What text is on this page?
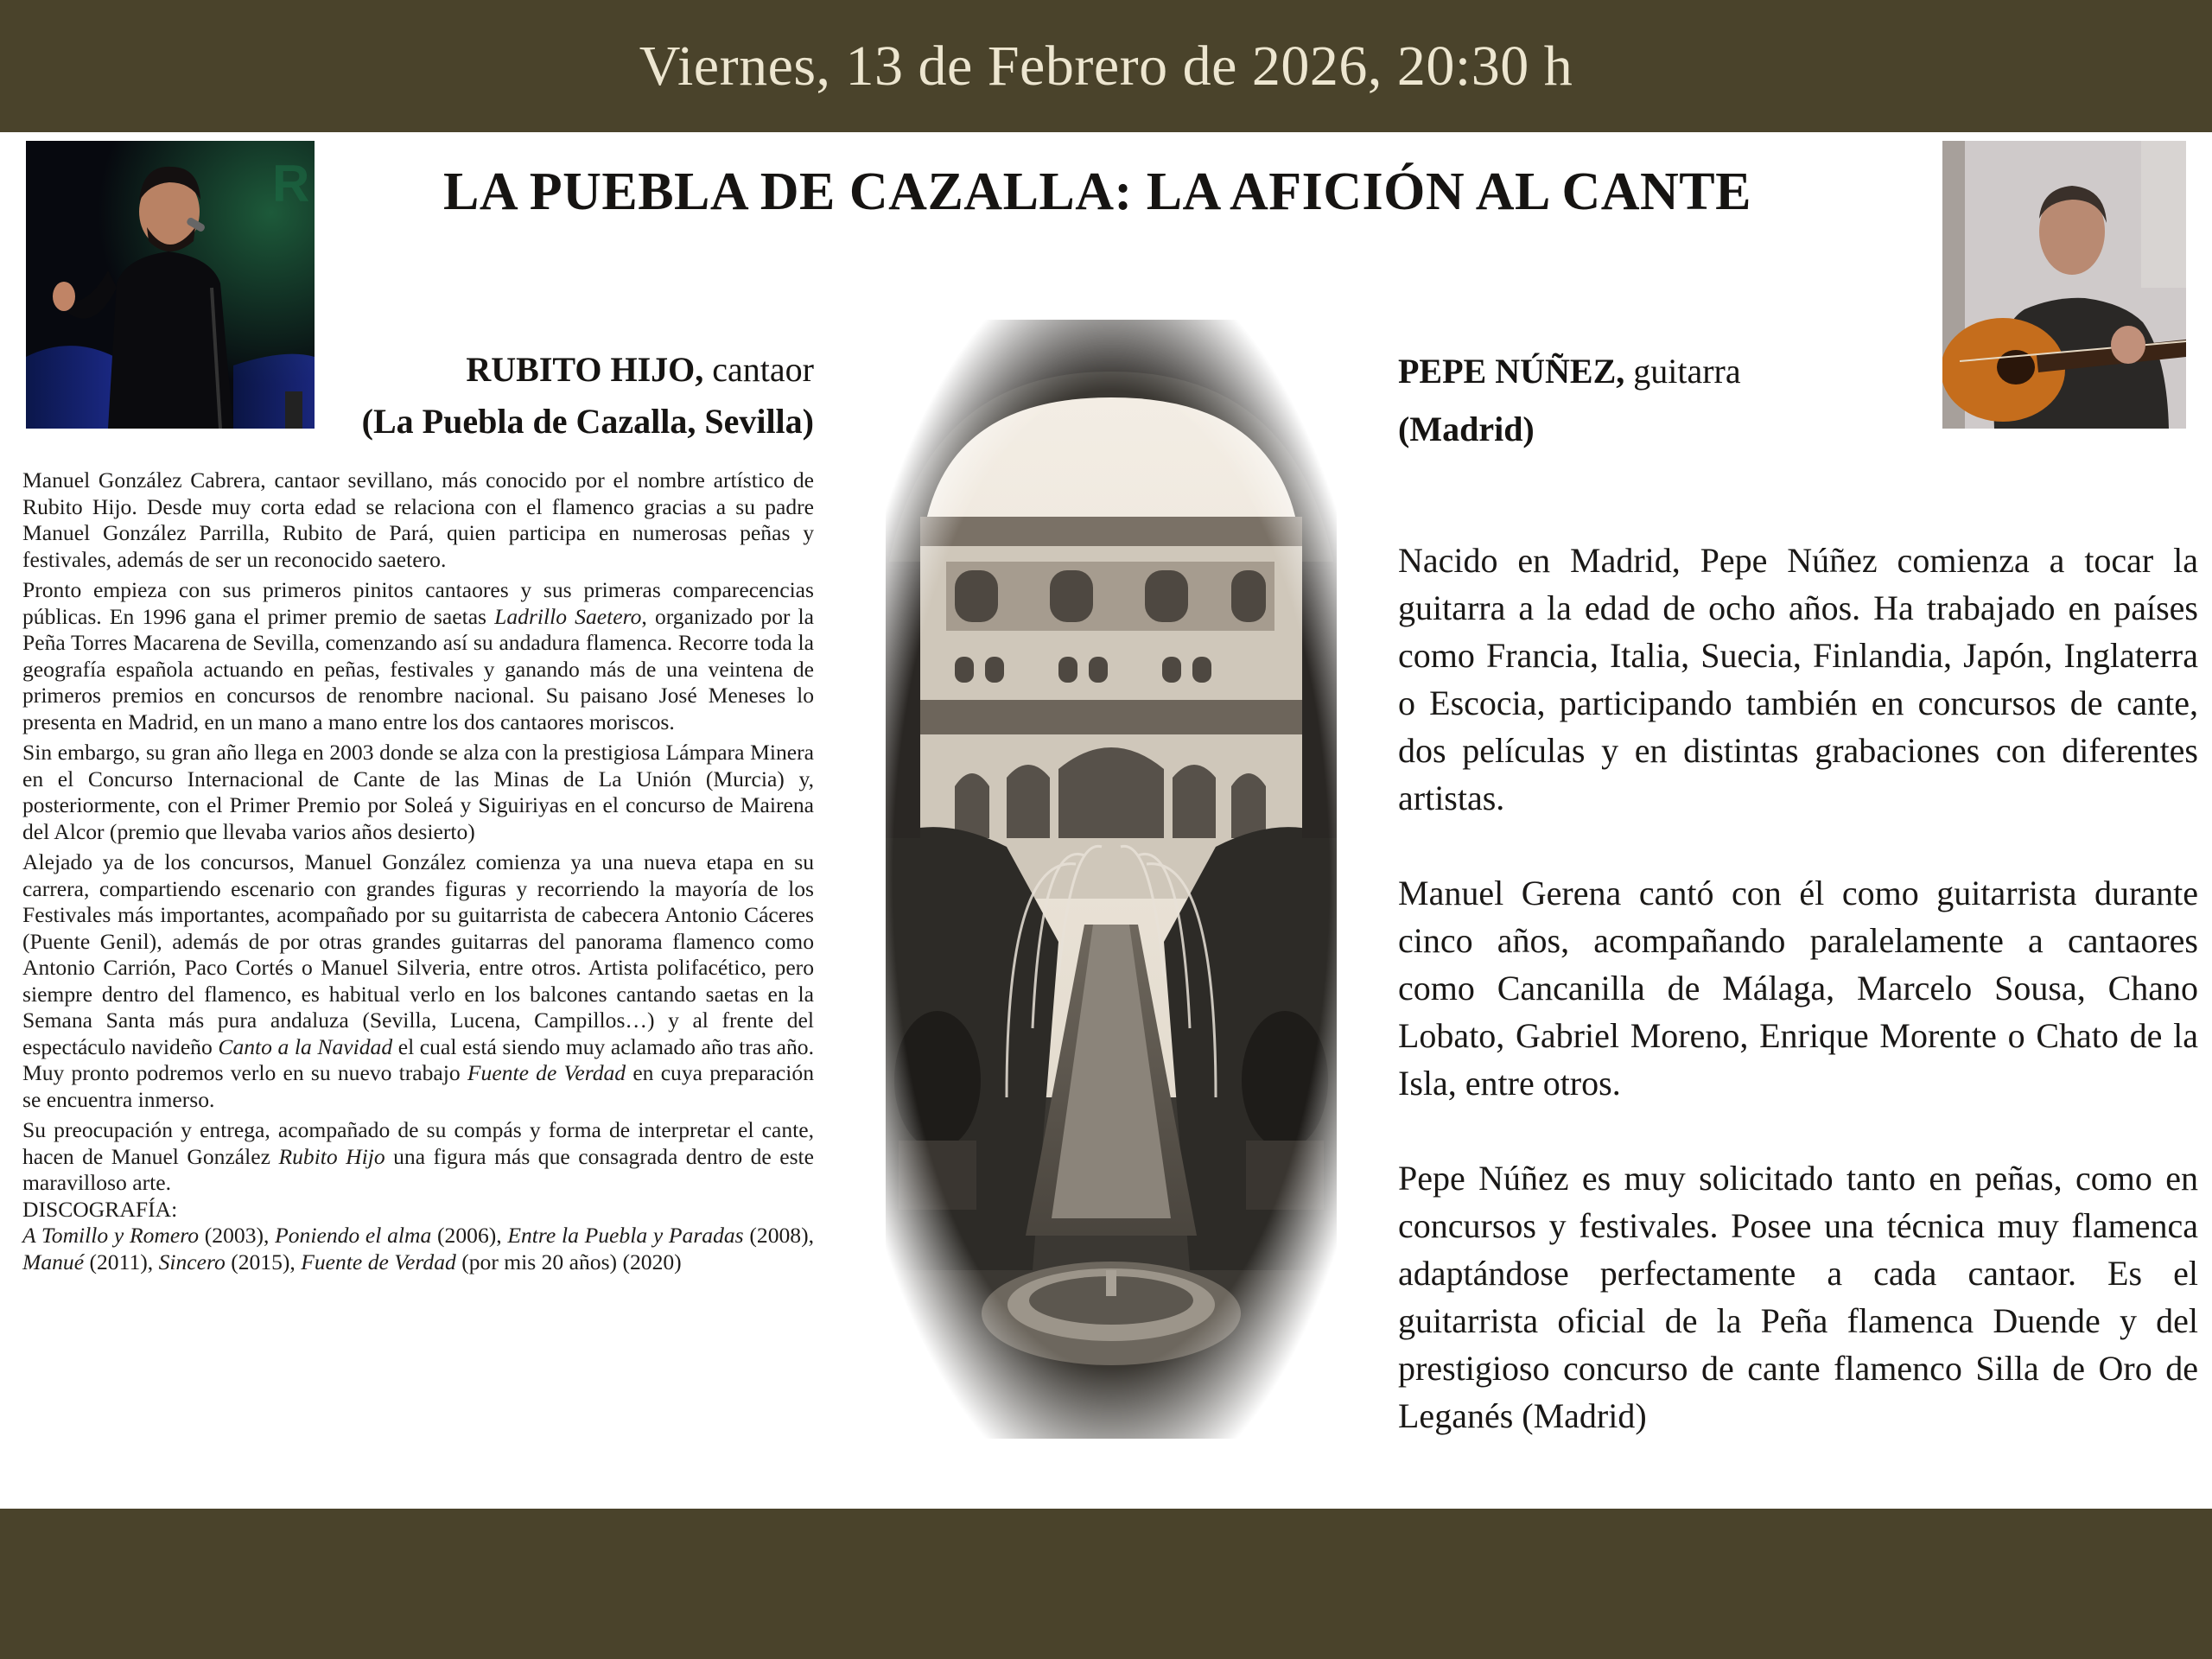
Viernes, 13 de Febrero de 2026, 20:30 h
LA PUEBLA DE CAZALLA: LA AFICIÓN AL CANTE
R
RUBITO HIJO, cantaor
(La Puebla de Cazalla, Sevilla)
PEPE NÚÑEZ, guitarra
(Madrid)

Manuel González Cabrera, cantaor sevillano, más conocido por el nombre artístico de Rubito Hijo. Desde muy corta edad se relaciona con el flamenco gracias a su padre Manuel González Parrilla, Rubito de Pará, quien participa en numerosas peñas y festivales, además de ser un reconocido saetero.

Pronto empieza con sus primeros pinitos cantaores y sus primeras comparecencias públicas. En 1996 gana el primer premio de saetas Ladrillo Saetero, organizado por la Peña Torres Macarena de Sevilla, comenzando así su andadura flamenca. Recorre toda la geografía española actuando en peñas, festivales y ganando más de una veintena de primeros premios en concursos de renombre nacional. Su paisano José Meneses lo presenta en Madrid, en un mano a mano entre los dos cantaores moriscos.

Sin embargo, su gran año llega en 2003 donde se alza con la prestigiosa Lámpara Minera en el Concurso Internacional de Cante de las Minas de La Unión (Murcia) y, posteriormente, con el Primer Premio por Soleá y Siguiriyas en el concurso de Mairena del Alcor (premio que llevaba varios años desierto)

Alejado ya de los concursos, Manuel González comienza ya una nueva etapa en su carrera, compartiendo escenario con grandes figuras y recorriendo la mayoría de los Festivales más importantes, acompañado por su guitarrista de cabecera Antonio Cáceres (Puente Genil), además de por otras grandes guitarras del panorama flamenco como Antonio Carrión, Paco Cortés o Manuel Silveria, entre otros. Artista polifacético, pero siempre dentro del flamenco, es habitual verlo en los balcones cantando saetas en la Semana Santa más pura andaluza (Sevilla, Lucena, Campillos…) y al frente del espectáculo navideño Canto a la Navidad el cual está siendo muy aclamado año tras año. Muy pronto podremos verlo en su nuevo trabajo Fuente de Verdad en cuya preparación se encuentra inmerso.

Su preocupación y entrega, acompañado de su compás y forma de interpretar el cante, hacen de Manuel González Rubito Hijo una figura más que consagrada dentro de este maravilloso arte.

DISCOGRAFÍA:

A Tomillo y Romero (2003), Poniendo el alma (2006), Entre la Puebla y Paradas (2008), Manué (2011), Sincero (2015), Fuente de Verdad (por mis 20 años) (2020)

Nacido en Madrid, Pepe Núñez comienza a tocar la guitarra a la edad de ocho años. Ha trabajado en países como Francia, Italia, Suecia, Finlandia, Japón, Inglaterra o Escocia, participando también en concursos de cante, dos películas y en distintas grabaciones con diferentes artistas.

Manuel Gerena cantó con él como guitarrista durante cinco años, acompañando paralelamente a cantaores como Cancanilla de Málaga, Marcelo Sousa, Chano Lobato, Gabriel Moreno, Enrique Morente o Chato de la Isla, entre otros.

Pepe Núñez es muy solicitado tanto en peñas, como en concursos y festivales. Posee una técnica muy flamenca adaptándose perfectamente a cada cantaor. Es el guitarrista oficial de la Peña flamenca Duende y del prestigioso concurso de cante flamenco Silla de Oro de Leganés (Madrid)
